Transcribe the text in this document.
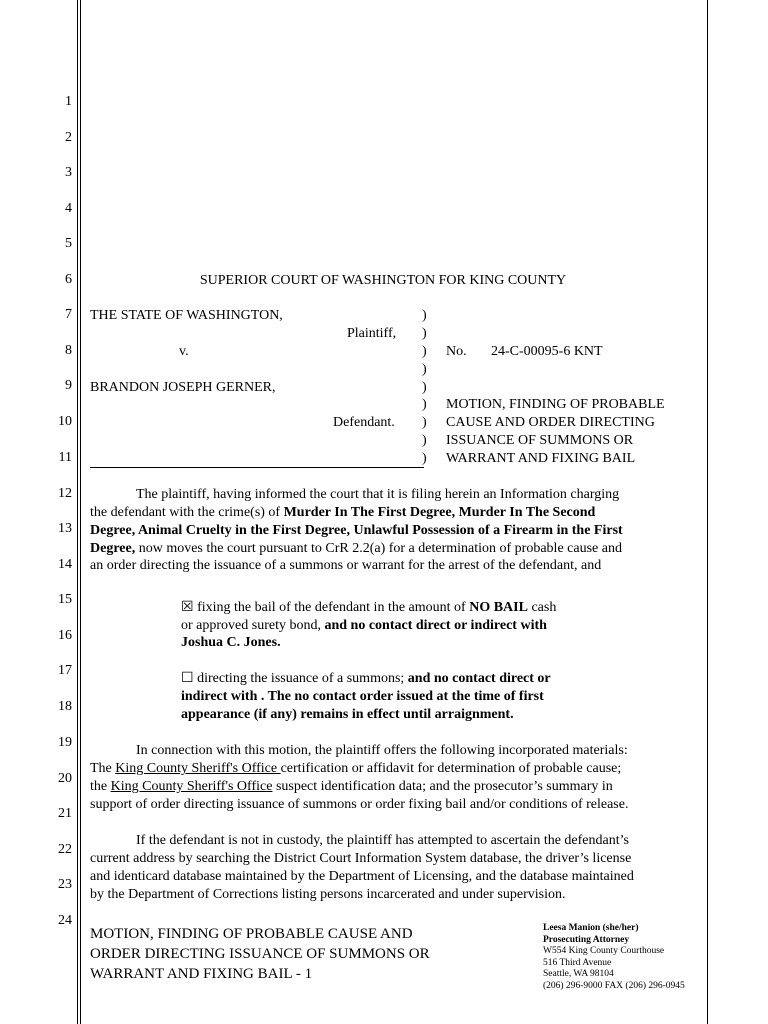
1
2
3
4
5
6
7
8
9
10
11
12
13
14
15
16
17
18
19
20
21
22
23
24
SUPERIOR COURT OF WASHINGTON FOR KING COUNTY
THE STATE OF WASHINGTON,
Plaintiff,
v.
BRANDON JOSEPH GERNER,
Defendant.
)
)
)
)
)
)
)
)
)
No. 24-C-00095-6 KNT
MOTION, FINDING OF PROBABLE
CAUSE AND ORDER DIRECTING
ISSUANCE OF SUMMONS OR
WARRANT AND FIXING BAIL
The plaintiff, having informed the court that it is filing herein an Information charging
the defendant with the crime(s) of Murder In The First Degree, Murder In The Second
Degree, Animal Cruelty in the First Degree, Unlawful Possession of a Firearm in the First
Degree, now moves the court pursuant to CrR 2.2(a) for a determination of probable cause and
an order directing the issuance of a summons or warrant for the arrest of the defendant, and
☒ fixing the bail of the defendant in the amount of NO BAIL cash
or approved surety bond, and no contact direct or indirect with
Joshua C. Jones.
☐ directing the issuance of a summons; and no contact direct or
indirect with . The no contact order issued at the time of first
appearance (if any) remains in effect until arraignment.
In connection with this motion, the plaintiff offers the following incorporated materials:
The King County Sheriff's Office certification or affidavit for determination of probable cause;
the King County Sheriff's Office suspect identification data; and the prosecutor’s summary in
support of order directing issuance of summons or order fixing bail and/or conditions of release.
If the defendant is not in custody, the plaintiff has attempted to ascertain the defendant’s
current address by searching the District Court Information System database, the driver’s license
and identicard database maintained by the Department of Licensing, and the database maintained
by the Department of Corrections listing persons incarcerated and under supervision.
MOTION, FINDING OF PROBABLE CAUSE AND
ORDER DIRECTING ISSUANCE OF SUMMONS OR
WARRANT AND FIXING BAIL - 1
Leesa Manion (she/her)
Prosecuting Attorney
W554 King County Courthouse
516 Third Avenue
Seattle, WA 98104
(206) 296-9000 FAX (206) 296-0945
